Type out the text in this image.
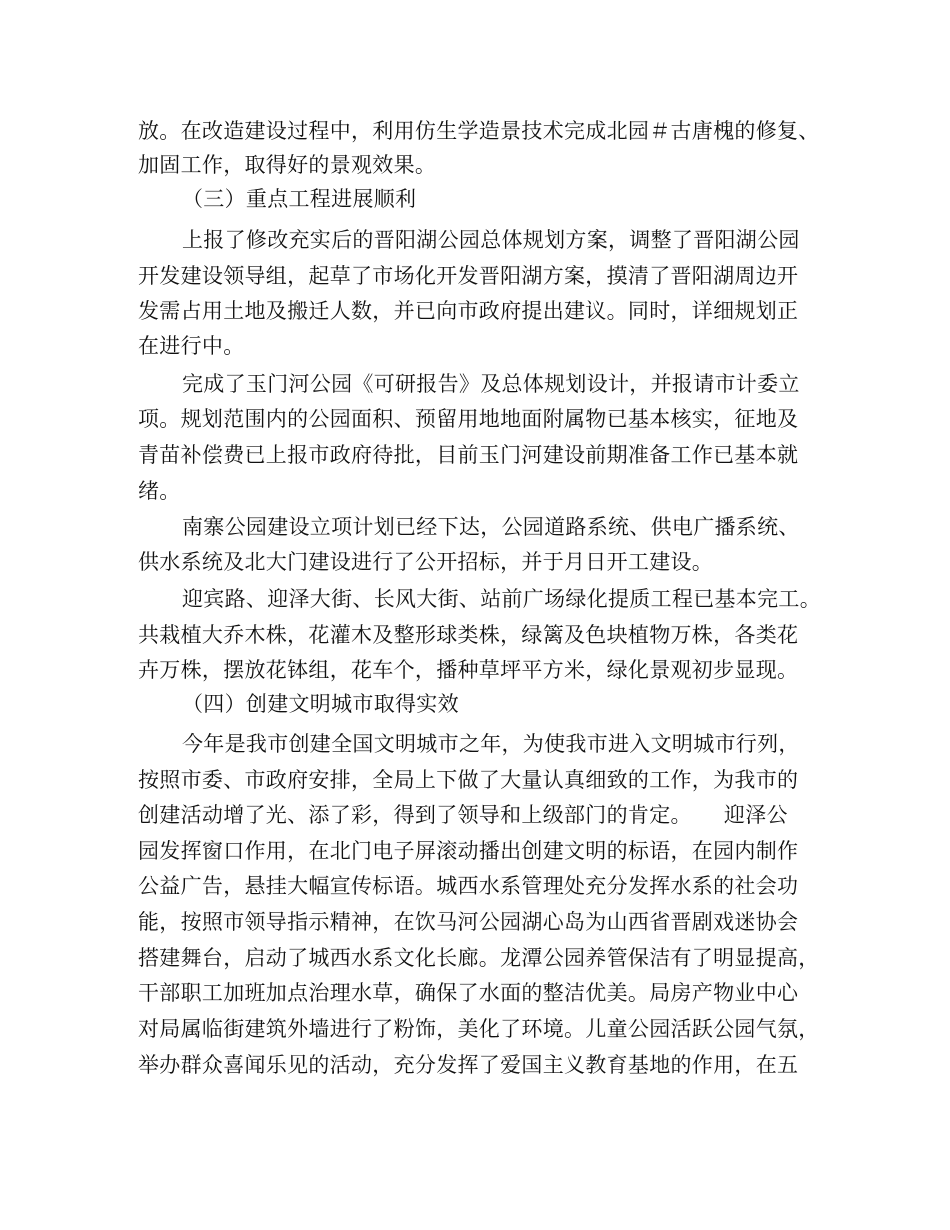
放。在改造建设过程中，利用仿生学造景技术完成北园＃古唐槐的修复、
加固工作，取得好的景观效果。
（三）重点工程进展顺利
上报了修改充实后的晋阳湖公园总体规划方案，调整了晋阳湖公园
开发建设领导组，起草了市场化开发晋阳湖方案，摸清了晋阳湖周边开
发需占用土地及搬迁人数，并已向市政府提出建议。同时，详细规划正
在进行中。
完成了玉门河公园《可研报告》及总体规划设计，并报请市计委立
项。规划范围内的公园面积、预留用地地面附属物已基本核实，征地及
青苗补偿费已上报市政府待批，目前玉门河建设前期准备工作已基本就
绪。
南寨公园建设立项计划已经下达，公园道路系统、供电广播系统、
供水系统及北大门建设进行了公开招标，并于月日开工建设。
迎宾路、迎泽大街、长风大街、站前广场绿化提质工程已基本完工。
共栽植大乔木株，花灌木及整形球类株，绿篱及色块植物万株，各类花
卉万株，摆放花钵组，花车个，播种草坪平方米，绿化景观初步显现。
（四）创建文明城市取得实效
今年是我市创建全国文明城市之年，为使我市进入文明城市行列，
按照市委、市政府安排，全局上下做了大量认真细致的工作，为我市的
创建活动增了光、添了彩，得到了领导和上级部门的肯定。　　迎泽公
园发挥窗口作用，在北门电子屏滚动播出创建文明的标语，在园内制作
公益广告，悬挂大幅宣传标语。城西水系管理处充分发挥水系的社会功
能，按照市领导指示精神，在饮马河公园湖心岛为山西省晋剧戏迷协会
搭建舞台，启动了城西水系文化长廊。龙潭公园养管保洁有了明显提高，
干部职工加班加点治理水草，确保了水面的整洁优美。局房产物业中心
对局属临街建筑外墙进行了粉饰，美化了环境。儿童公园活跃公园气氛，
举办群众喜闻乐见的活动，充分发挥了爱国主义教育基地的作用，在五
